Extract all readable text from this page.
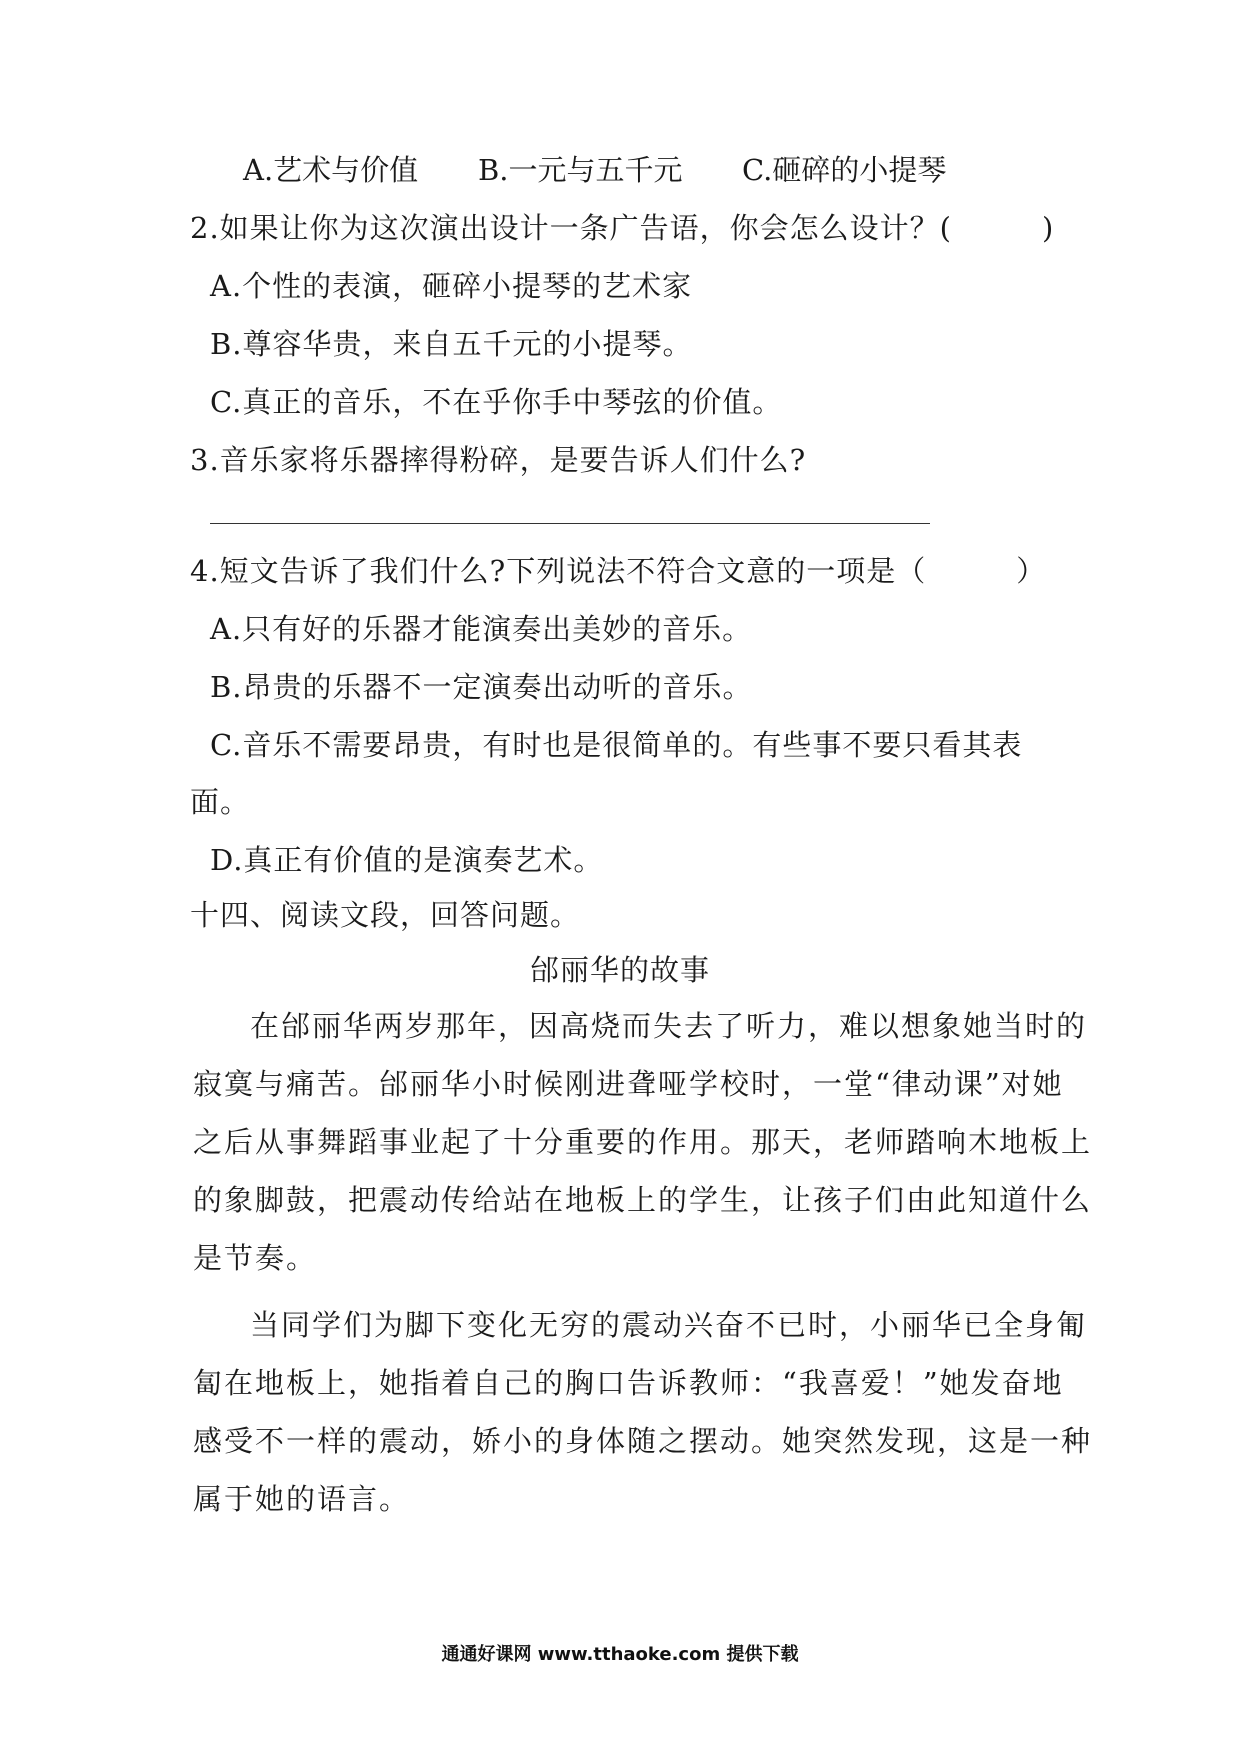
A.艺术与价值 B.一元与五千元 C.砸碎的小提琴
2.如果让你为这次演出设计一条广告语，你会怎么设计？(　　　)
A.个性的表演，砸碎小提琴的艺术家
B.尊容华贵，来自五千元的小提琴。
C.真正的音乐，不在乎你手中琴弦的价值。
3.音乐家将乐器摔得粉碎，是要告诉人们什么?
4.短文告诉了我们什么?下列说法不符合文意的一项是（　　　）
A.只有好的乐器才能演奏出美妙的音乐。
B.昂贵的乐器不一定演奏出动听的音乐。
C.音乐不需要昂贵，有时也是很简单的。有些事不要只看其表
面。
D.真正有价值的是演奏艺术。
十四、阅读文段，回答问题。
邰丽华的故事
在邰丽华两岁那年，因高烧而失去了听力，难以想象她当时的
寂寞与痛苦。邰丽华小时候刚进聋哑学校时，一堂“律动课”对她
之后从事舞蹈事业起了十分重要的作用。那天，老师踏响木地板上
的象脚鼓，把震动传给站在地板上的学生，让孩子们由此知道什么
是节奏。
当同学们为脚下变化无穷的震动兴奋不已时，小丽华已全身匍
匐在地板上，她指着自己的胸口告诉教师：“我喜爱！”她发奋地
感受不一样的震动，娇小的身体随之摆动。她突然发现，这是一种
属于她的语言。
通通好课网 www.tthaoke.com 提供下载
